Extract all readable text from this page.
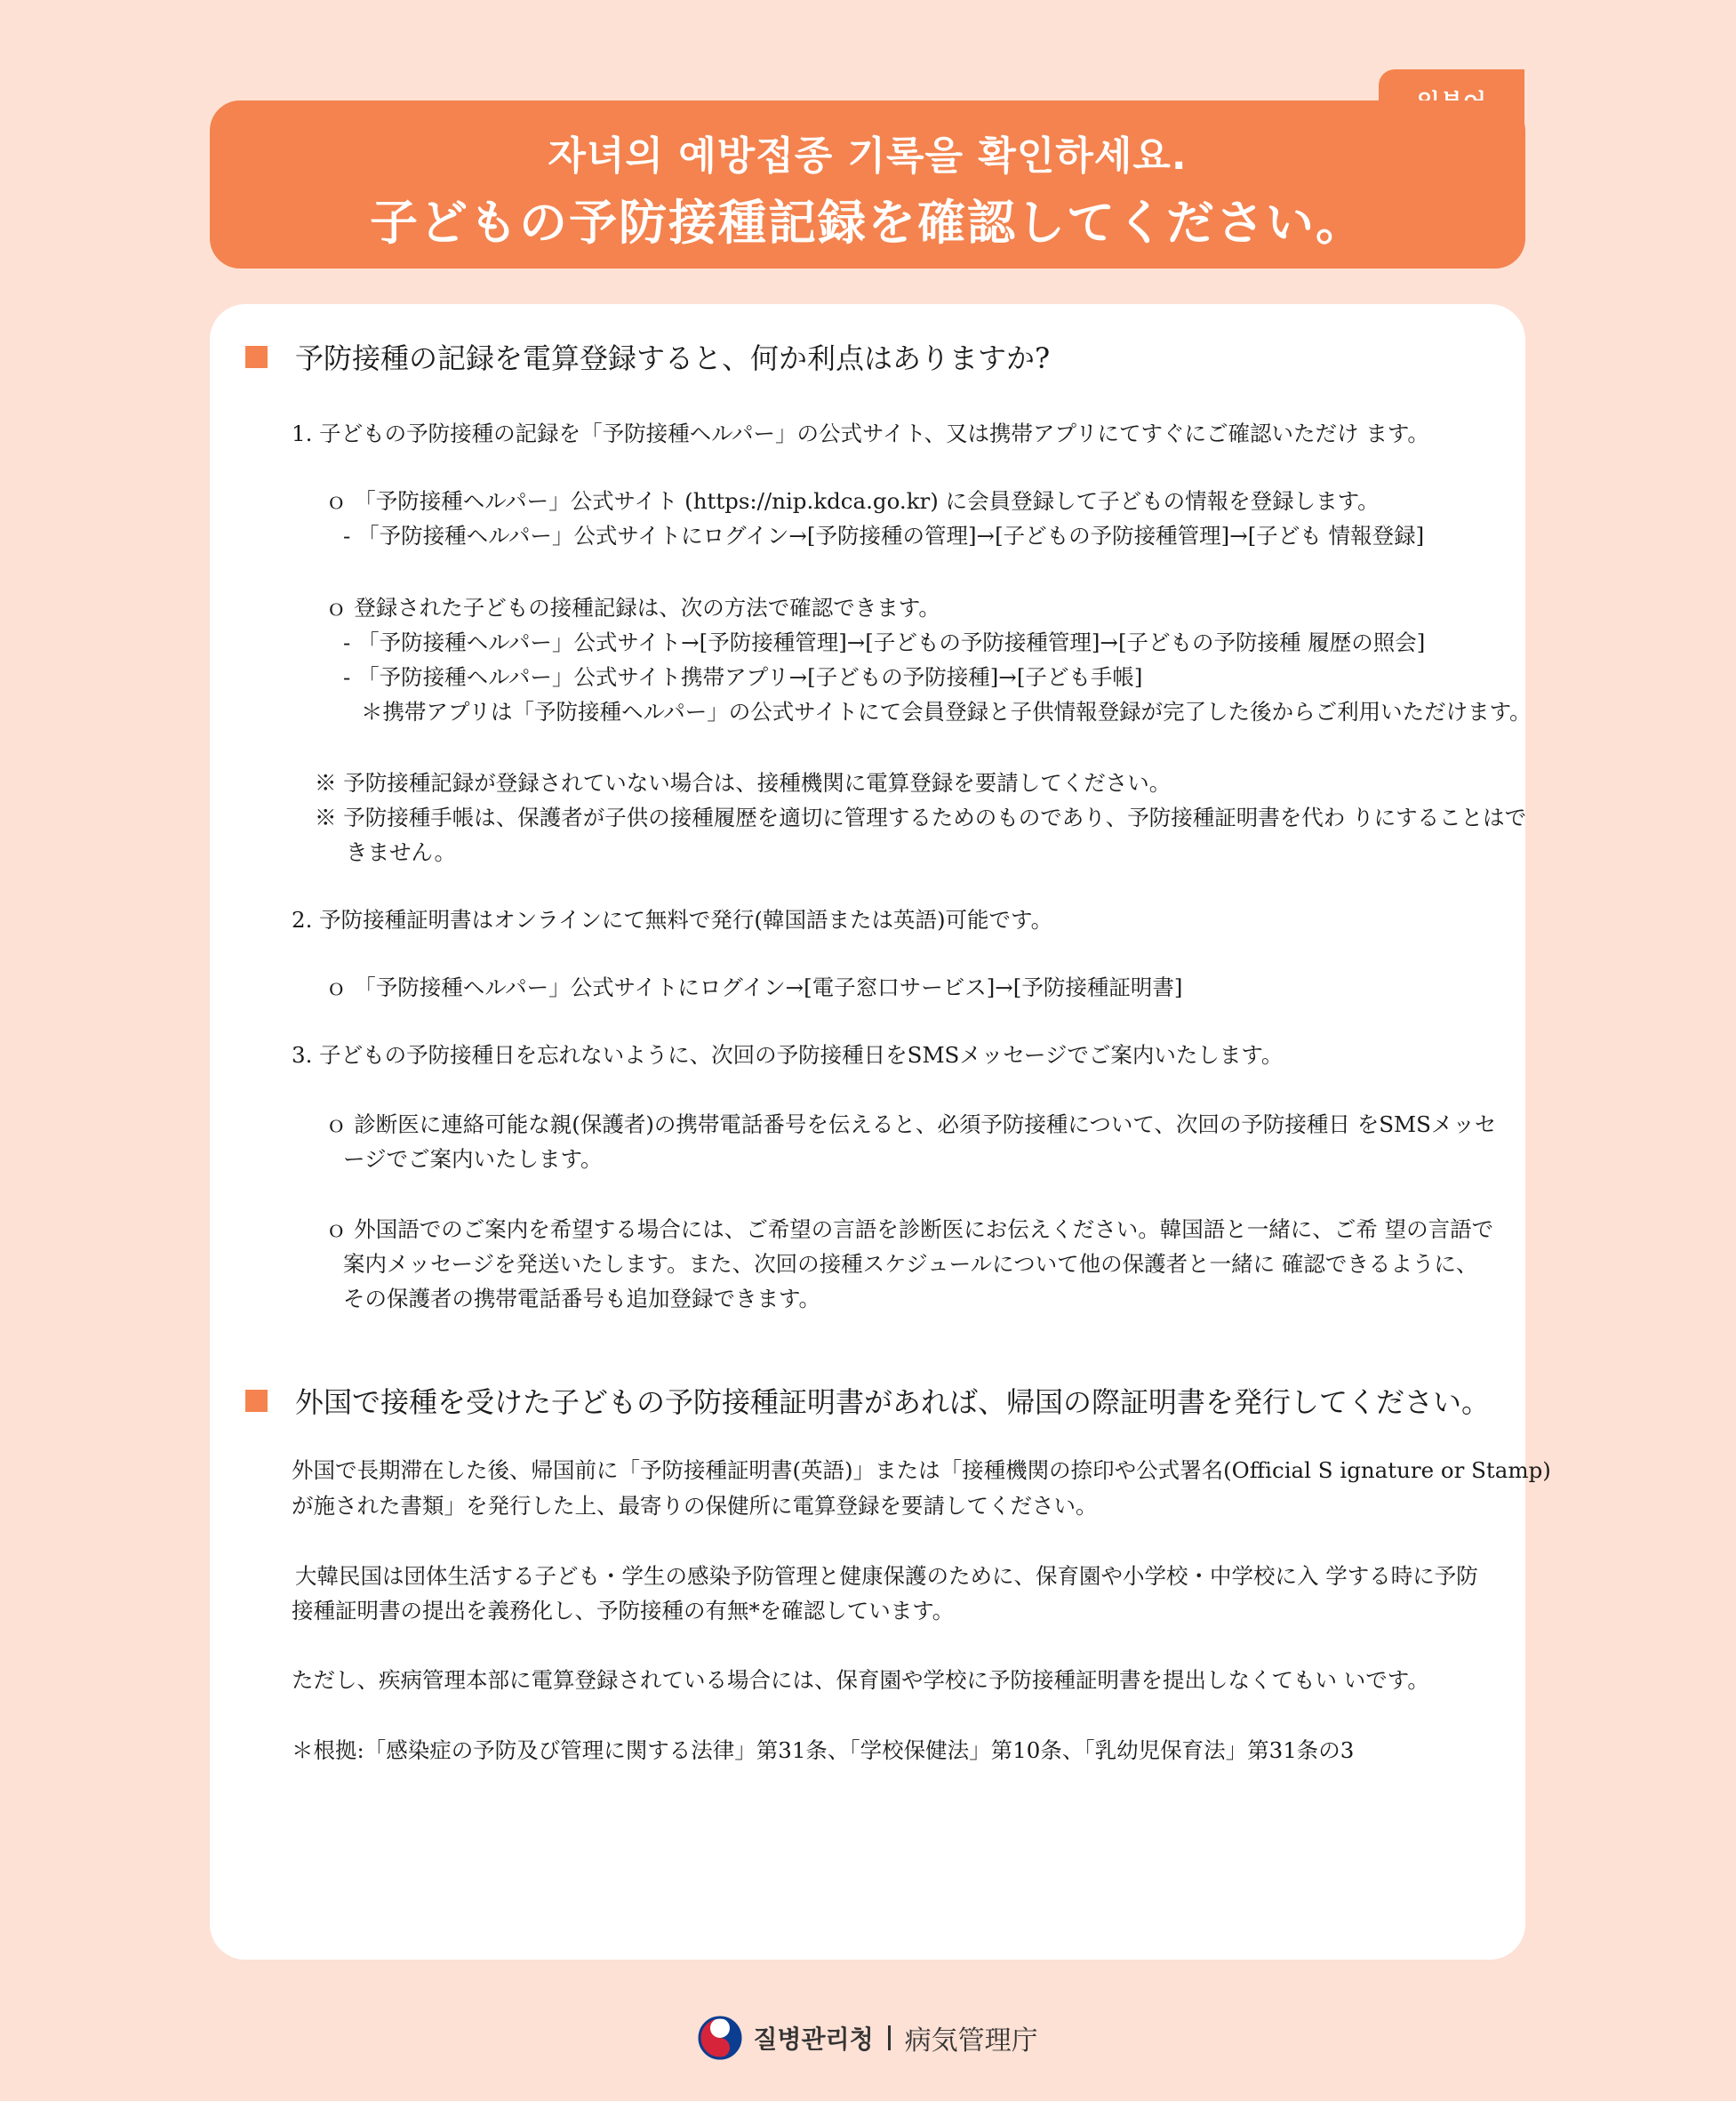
자녀의 예방접종 기록을 확인하세요.
子どもの予防接種記録を確認してください。
予防接種の記録を電算登録すると、何か利点はありますか?
1. 子どもの予防接種の記録を「予防接種ヘルパー」の公式サイト、又は携帯アプリにてすぐにご確認いただけ ます。
ｏ 「予防接種ヘルパー」公式サイト (https://nip.kdca.go.kr) に会員登録して子どもの情報を登録します。
- 「予防接種ヘルパー」公式サイトにログイン→[予防接種の管理]→[子どもの予防接種管理]→[子ども 情報登録]
ｏ 登録された子どもの接種記録は、次の方法で確認できます。
- 「予防接種ヘルパー」公式サイト→[予防接種管理]→[子どもの予防接種管理]→[子どもの予防接種 履歴の照会]
- 「予防接種ヘルパー」公式サイト携帯アプリ→[子どもの予防接種]→[子ども手帳]
＊携帯アプリは「予防接種ヘルパー」の公式サイトにて会員登録と子供情報登録が完了した後からご利用いただけます。
※ 予防接種記録が登録されていない場合は、接種機関に電算登録を要請してください。
※ 予防接種手帳は、保護者が子供の接種履歴を適切に管理するためのものであり、予防接種証明書を代わ りにすることはで
きません。
2. 予防接種証明書はオンラインにて無料で発行(韓国語または英語)可能です。
ｏ 「予防接種ヘルパー」公式サイトにログイン→[電子窓口サービス]→[予防接種証明書]
3. 子どもの予防接種日を忘れないように、次回の予防接種日をSMSメッセージでご案内いたします。
ｏ 診断医に連絡可能な親(保護者)の携帯電話番号を伝えると、必須予防接種について、次回の予防接種日 をSMSメッセ
ージでご案内いたします。
ｏ 外国語でのご案内を希望する場合には、ご希望の言語を診断医にお伝えください。韓国語と一緒に、ご希 望の言語で
案内メッセージを発送いたします。また、次回の接種スケジュールについて他の保護者と一緒に 確認できるように、
その保護者の携帯電話番号も追加登録できます。
外国で接種を受けた子どもの予防接種証明書があれば、帰国の際証明書を発行してください。
外国で長期滞在した後、帰国前に「予防接種証明書(英語)」または「接種機関の捺印や公式署名(Official S ignature or Stamp)
が施された書類」を発行した上、最寄りの保健所に電算登録を要請してください。
大韓民国は団体生活する子ども・学生の感染予防管理と健康保護のために、保育園や小学校・中学校に入 学する時に予防
接種証明書の提出を義務化し、予防接種の有無*を確認しています。
ただし、疾病管理本部に電算登録されている場合には、保育園や学校に予防接種証明書を提出しなくてもい いです。
＊根拠:「感染症の予防及び管理に関する法律」第31条、「学校保健法」第10条、「乳幼児保育法」第31条の3
질병관리청 病気管理庁
